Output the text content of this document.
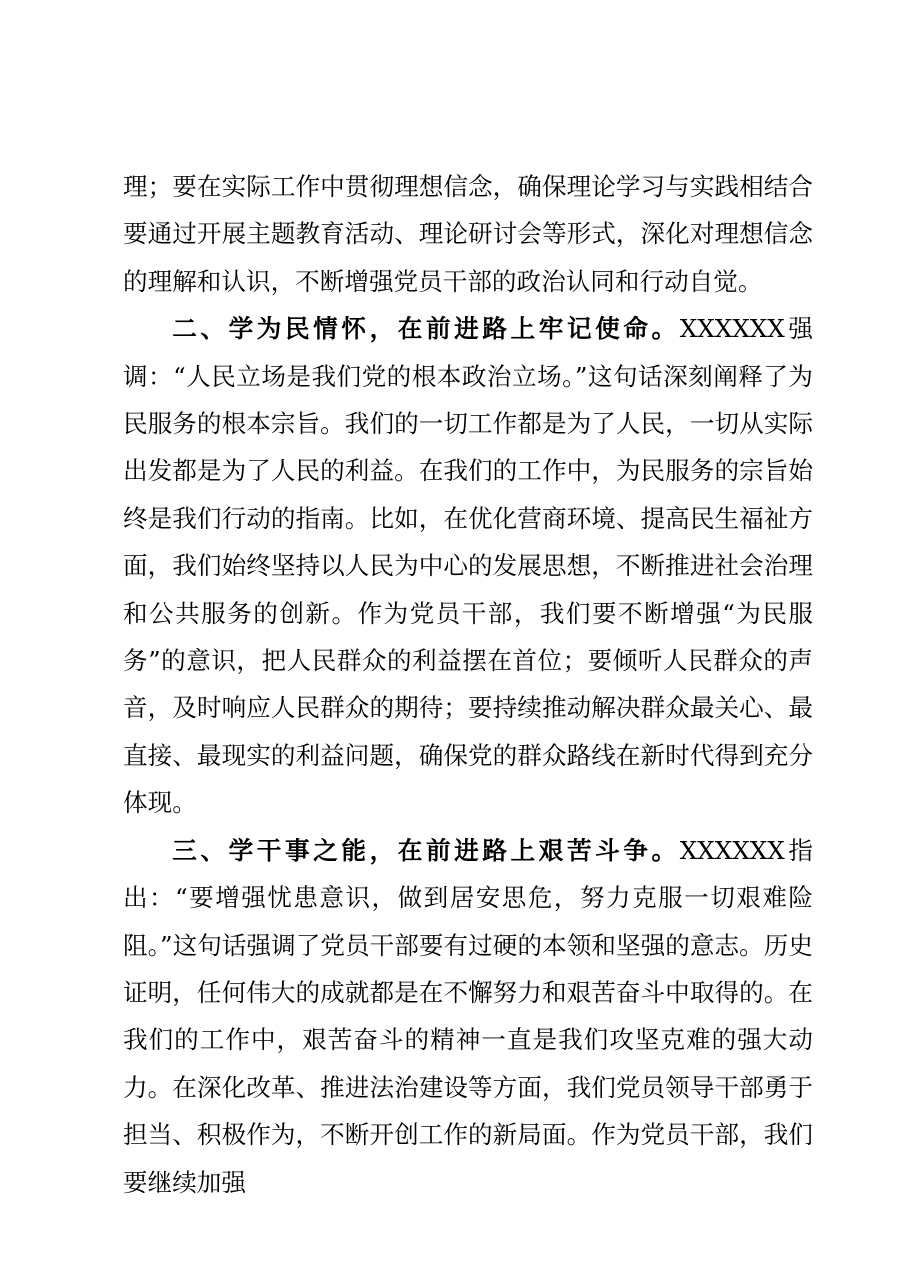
理；要在实际工作中贯彻理想信念，确保理论学习与实践相结合要通过开展主题教育活动、理论研讨会等形式，深化对理想信念的理解和认识，不断增强党员干部的政治认同和行动自觉。

二、学为民情怀，在前进路上牢记使命。XXXXXX强调：“人民立场是我们党的根本政治立场。”这句话深刻阐释了为民服务的根本宗旨。我们的一切工作都是为了人民，一切从实际出发都是为了人民的利益。在我们的工作中，为民服务的宗旨始终是我们行动的指南。比如，在优化营商环境、提高民生福祉方面，我们始终坚持以人民为中心的发展思想，不断推进社会治理和公共服务的创新。作为党员干部，我们要不断增强“为民服务”的意识，把人民群众的利益摆在首位；要倾听人民群众的声音，及时响应人民群众的期待；要持续推动解决群众最关心、最直接、最现实的利益问题，确保党的群众路线在新时代得到充分体现。

三、学干事之能，在前进路上艰苦斗争。XXXXXX指出：“要增强忧患意识，做到居安思危，努力克服一切艰难险阻。”这句话强调了党员干部要有过硬的本领和坚强的意志。历史证明，任何伟大的成就都是在不懈努力和艰苦奋斗中取得的。在我们的工作中，艰苦奋斗的精神一直是我们攻坚克难的强大动力。在深化改革、推进法治建设等方面，我们党员领导干部勇于担当、积极作为，不断开创工作的新局面。作为党员干部，我们要继续加强
